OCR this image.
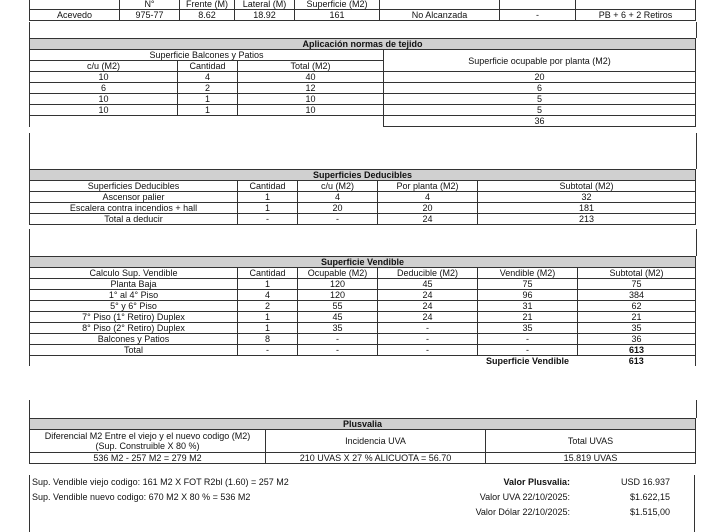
	N°	Frente (M)	Lateral (M)	Superficie (M2)			
Acevedo	975-77	8.62	18.92	161	No Alcanzada	-	PB + 6 + 2 Retiros
Aplicación normas de tejido			
Superficie Balcones y Patios			Superficie ocupable por planta (M2)
c/u (M2)	Cantidad	Total (M2)	
10	4	40	20
6	2	12	6
10	1	10	5
10	1	10	5
			36
Superficies Deducibles				
Superficies Deducibles	Cantidad	c/u (M2)	Por planta (M2)	Subtotal (M2)
Ascensor palier	1	4	4	32
Escalera contra incendios + hall	1	20	20	181
Total a deducir	-	-	24	213
Superficie Vendible					
Calculo Sup. Vendible	Cantidad	Ocupable (M2)	Deducible (M2)	Vendible (M2)	Subtotal (M2)
Planta Baja	1	120	45	75	75
1° al 4° Piso	4	120	24	96	384
5° y 6° Piso	2	55	24	31	62
7° Piso (1° Retiro) Duplex	1	45	24	21	21
8° Piso (2° Retiro) Duplex	1	35	-	35	35
Balcones y Patios	8	-	-	-	36
Total	-	-	-	-	613
				Superficie Vendible	613
Plusvalia		

Diferencial M2 Entre el viejo y el nuevo codigo (M2)
(Sup. Construible X 80 %)	Incidencia UVA	Total UVAS
536 M2 - 257 M2 = 279 M2	210 UVAS X 27 % ALICUOTA = 56.70	15.819 UVAS
Sup. Vendible viejo codigo: 161 M2 X FOT R2bl (1.60) = 257 M2
Sup. Vendible nuevo codigo: 670 M2 X 80 % = 536 M2
Valor Plusvalia:	USD 16.937
Valor UVA 22/10/2025:	$1.622,15
Valor Dólar 22/10/2025:	$1.515,00
